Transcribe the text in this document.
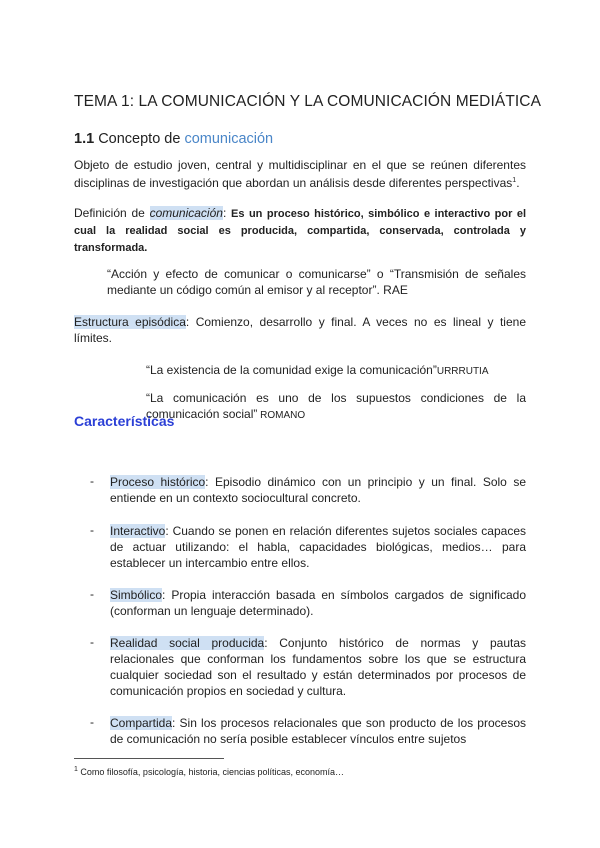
TEMA 1: LA COMUNICACIÓN Y LA COMUNICACIÓN MEDIÁTICA
1.1 Concepto de comunicación

Objeto de estudio joven, central y multidisciplinar en el que se reúnen diferentes disciplinas de investigación que abordan un análisis desde diferentes perspectivas$^1$.

Definición de comunicación: Es un proceso histórico, simbólico e interactivo por el cual la realidad social es producida, compartida, conservada, controlada y transformada.

“Acción y efecto de comunicar o comunicarse” o “Transmisión de señales mediante un código común al emisor y al receptor”. RAE

Estructura episódica: Comienzo, desarrollo y final. A veces no es lineal y tiene límites.

“La existencia de la comunidad exige la comunicación”URRRUTIA

“La comunicación es uno de los supuestos condiciones de la comunicación social” ROMANO

Características
- Proceso histórico: Episodio dinámico con un principio y un final. Solo se entiende en un contexto sociocultural concreto.

- Interactivo: Cuando se ponen en relación diferentes sujetos sociales capaces de actuar utilizando: el habla, capacidades biológicas, medios… para establecer un intercambio entre ellos.

- Simbólico: Propia interacción basada en símbolos cargados de significado (conforman un lenguaje determinado).

- Realidad social producida: Conjunto histórico de normas y pautas relacionales que conforman los fundamentos sobre los que se estructura cualquier sociedad son el resultado y están determinados por procesos de comunicación propios en sociedad y cultura.

- Compartida: Sin los procesos relacionales que son producto de los procesos de comunicación no sería posible establecer vínculos entre sujetos

$^1$ Como filosofía, psicología, historia, ciencias políticas, economía…
